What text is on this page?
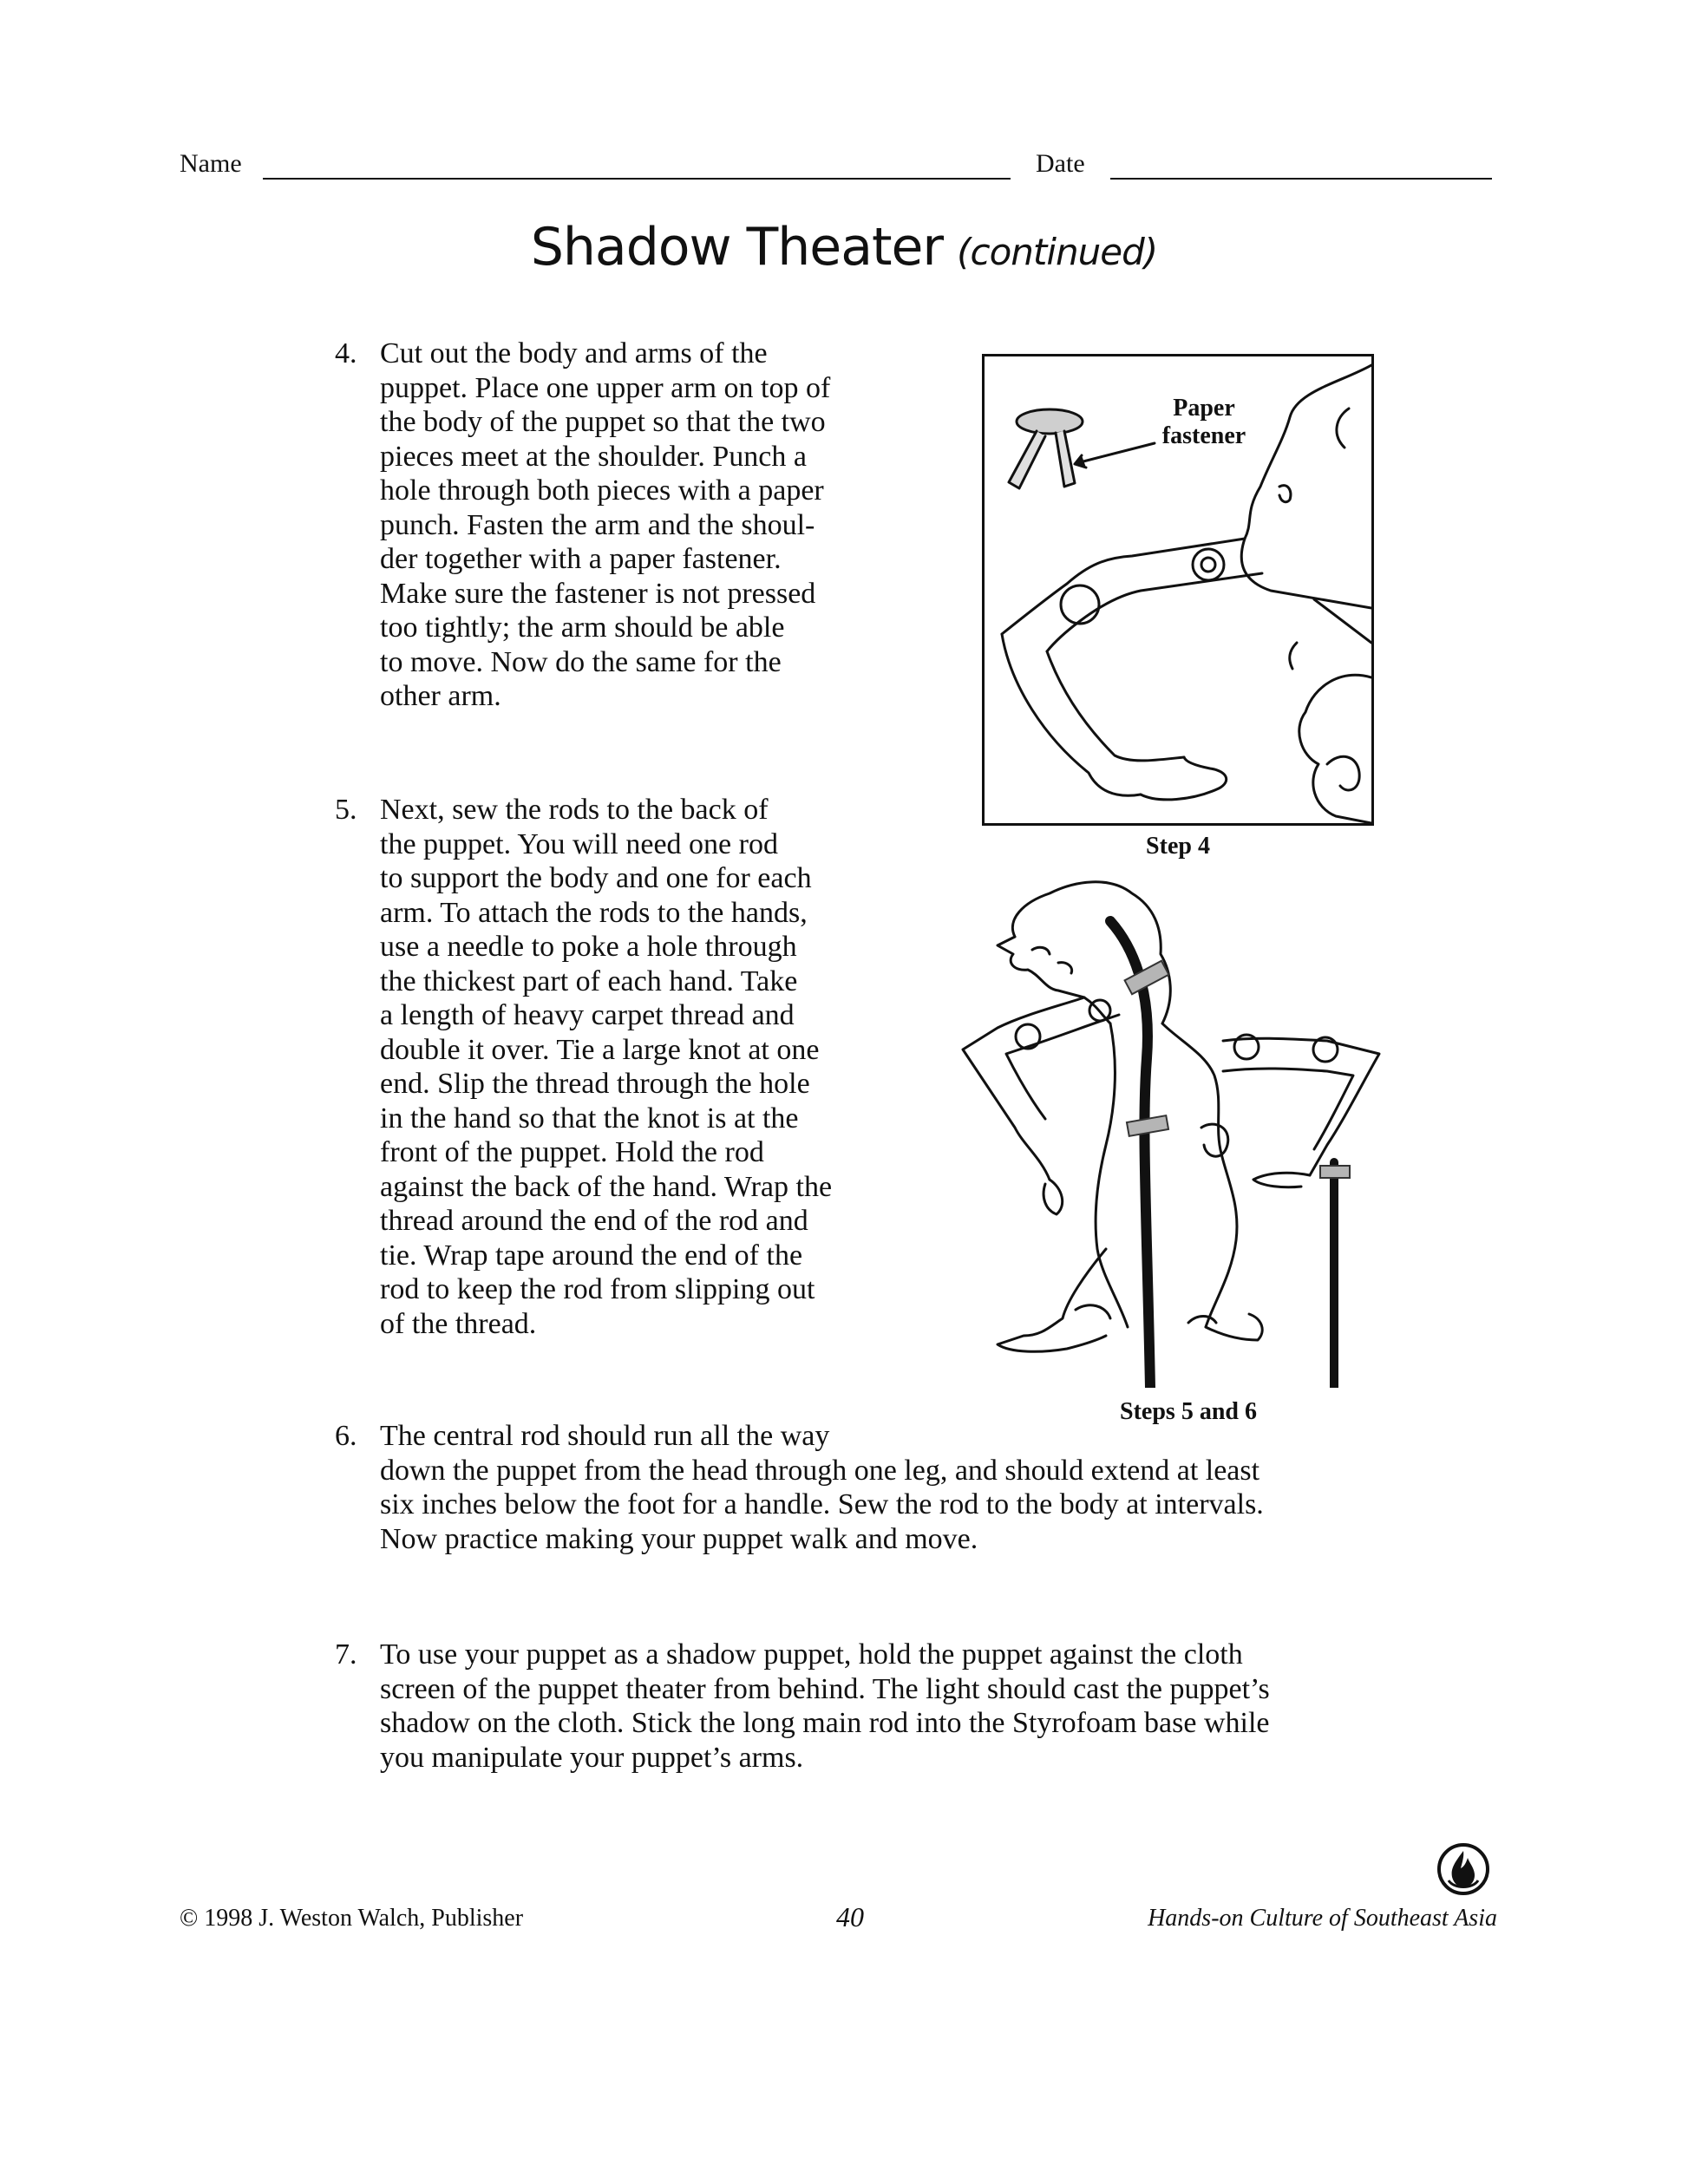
Name	Date
Shadow Theater (continued)
4. Cut out the body and arms of the
puppet. Place one upper arm on top of
the body of the puppet so that the two
pieces meet at the shoulder. Punch a
hole through both pieces with a paper
punch. Fasten the arm and the shoul-
der together with a paper fastener.
Make sure the fastener is not pressed
too tightly; the arm should be able
to move. Now do the same for the
other arm.
5. Next, sew the rods to the back of
the puppet. You will need one rod
to support the body and one for each
arm. To attach the rods to the hands,
use a needle to poke a hole through
the thickest part of each hand. Take
a length of heavy carpet thread and
double it over. Tie a large knot at one
end. Slip the thread through the hole
in the hand so that the knot is at the
front of the puppet. Hold the rod
against the back of the hand. Wrap the
thread around the end of the rod and
tie. Wrap tape around the end of the
rod to keep the rod from slipping out
of the thread.
6. The central rod should run all the way
down the puppet from the head through one leg, and should extend at least
six inches below the foot for a handle. Sew the rod to the body at intervals.
Now practice making your puppet walk and move.
7. To use your puppet as a shadow puppet, hold the puppet against the cloth
screen of the puppet theater from behind. The light should cast the puppet’s
shadow on the cloth. Stick the long main rod into the Styrofoam base while
you manipulate your puppet’s arms.
Paper
fastener
Step 4
Steps 5 and 6
© 1998 J. Weston Walch, Publisher	40	Hands-on Culture of Southeast Asia
